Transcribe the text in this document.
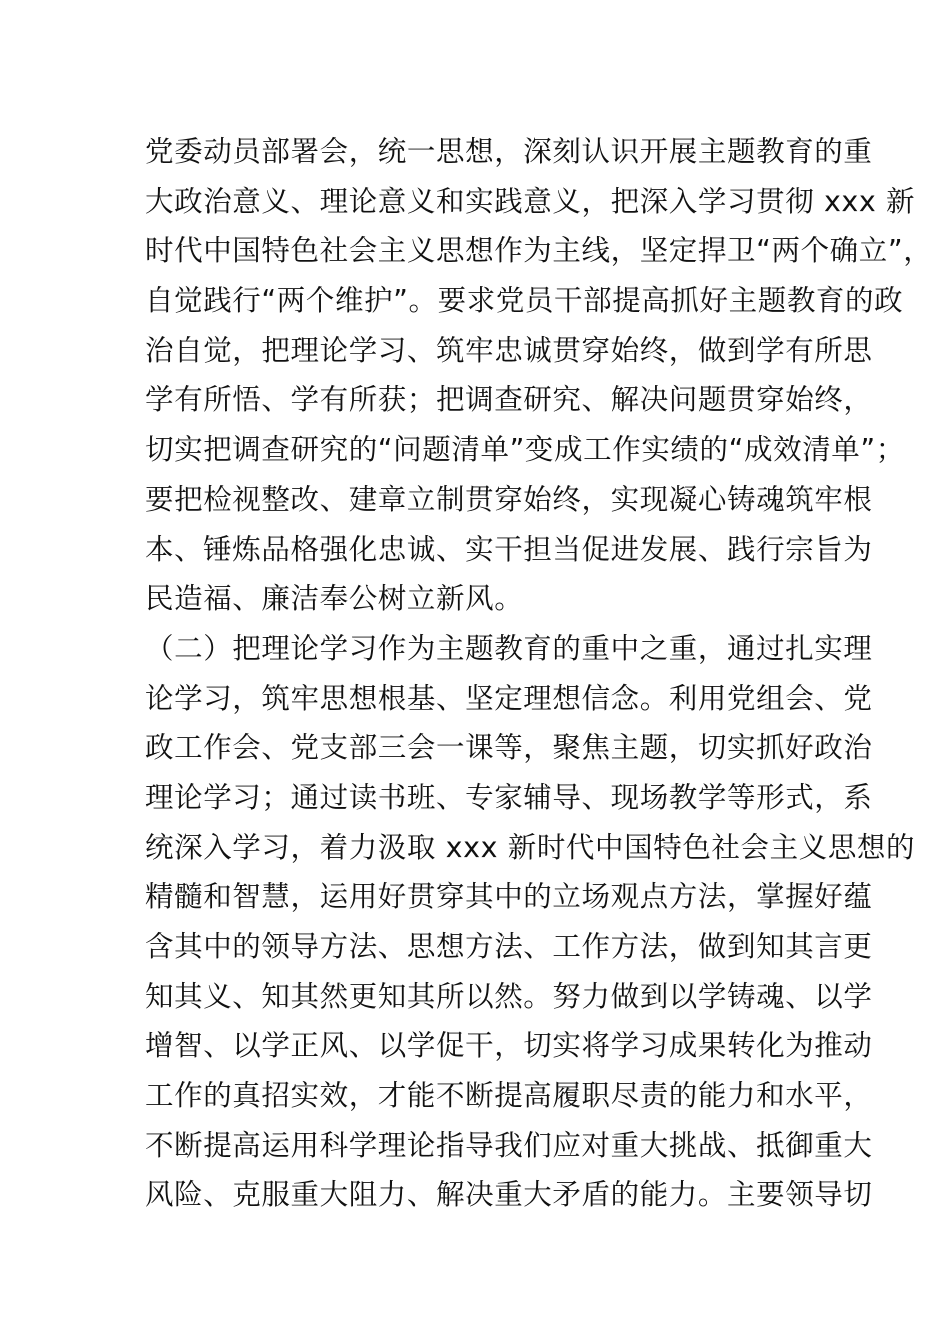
党委动员部署会，统一思想，深刻认识开展主题教育的重
大政治意义、理论意义和实践意义，把深入学习贯彻 xxx 新
时代中国特色社会主义思想作为主线，坚定捍卫“两个确立”，
自觉践行“两个维护”。要求党员干部提高抓好主题教育的政
治自觉，把理论学习、筑牢忠诚贯穿始终，做到学有所思
学有所悟、学有所获；把调查研究、解决问题贯穿始终，
切实把调查研究的“问题清单”变成工作实绩的“成效清单”；
要把检视整改、建章立制贯穿始终，实现凝心铸魂筑牢根
本、锤炼品格强化忠诚、实干担当促进发展、践行宗旨为
民造福、廉洁奉公树立新风。
（二）把理论学习作为主题教育的重中之重，通过扎实理
论学习，筑牢思想根基、坚定理想信念。利用党组会、党
政工作会、党支部三会一课等，聚焦主题，切实抓好政治
理论学习；通过读书班、专家辅导、现场教学等形式，系
统深入学习，着力汲取 xxx 新时代中国特色社会主义思想的
精髓和智慧，运用好贯穿其中的立场观点方法，掌握好蕴
含其中的领导方法、思想方法、工作方法，做到知其言更
知其义、知其然更知其所以然。努力做到以学铸魂、以学
增智、以学正风、以学促干，切实将学习成果转化为推动
工作的真招实效，才能不断提高履职尽责的能力和水平，
不断提高运用科学理论指导我们应对重大挑战、抵御重大
风险、克服重大阻力、解决重大矛盾的能力。主要领导切
